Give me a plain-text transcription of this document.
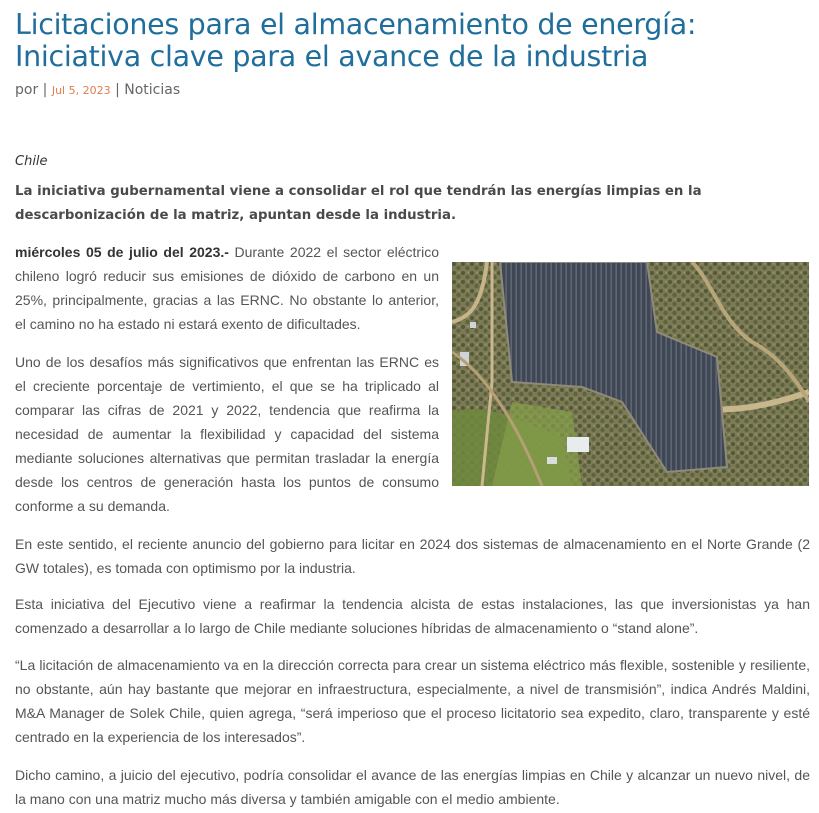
Licitaciones para el almacenamiento de energía: Iniciativa clave para el avance de la industria
por | Jul 5, 2023 | Noticias
Chile

La iniciativa gubernamental viene a consolidar el rol que tendrán las energías limpias en la descarbonización de la matriz, apuntan desde la industria.

miércoles 05 de julio del 2023.- Durante 2022 el sector eléctrico chileno logró reducir sus emisiones de dióxido de carbono en un 25%, principalmente, gracias a las ERNC. No obstante lo anterior, el camino no ha estado ni estará exento de dificultades.

Uno de los desafíos más significativos que enfrentan las ERNC es el creciente porcentaje de vertimiento, el que se ha triplicado al comparar las cifras de 2021 y 2022, tendencia que reafirma la necesidad de aumentar la flexibilidad y capacidad del sistema mediante soluciones alternativas que permitan trasladar la energía desde los centros de generación hasta los puntos de consumo conforme a su demanda.

En este sentido, el reciente anuncio del gobierno para licitar en 2024 dos sistemas de almacenamiento en el Norte Grande (2 GW totales), es tomada con optimismo por la industria.

Esta iniciativa del Ejecutivo viene a reafirmar la tendencia alcista de estas instalaciones, las que inversionistas ya han comenzado a desarrollar a lo largo de Chile mediante soluciones híbridas de almacenamiento o “stand alone”.

“La licitación de almacenamiento va en la dirección correcta para crear un sistema eléctrico más flexible, sostenible y resiliente, no obstante, aún hay bastante que mejorar en infraestructura, especialmente, a nivel de transmisión”, indica Andrés Maldini, M&A Manager de Solek Chile, quien agrega, “será imperioso que el proceso licitatorio sea expedito, claro, transparente y esté centrado en la experiencia de los interesados”.

Dicho camino, a juicio del ejecutivo, podría consolidar el avance de las energías limpias en Chile y alcanzar un nuevo nivel, de la mano con una matriz mucho más diversa y también amigable con el medio ambiente.
